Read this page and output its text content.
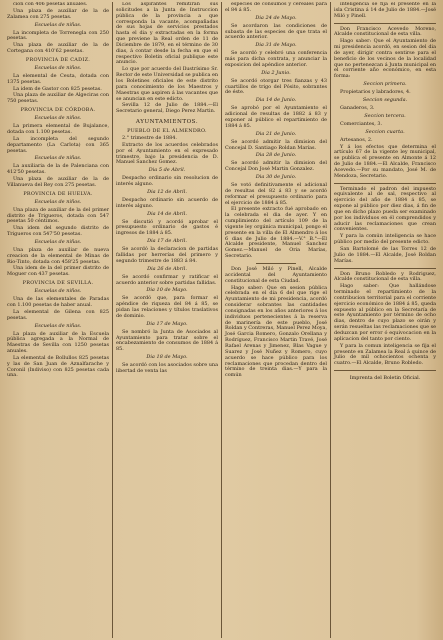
cion con 406 pesetas anuales.
Una plaza de auxiliar de la de Zalamea con 275 pesetas.
Escuelas de niñas.
La incompleta de Torrenegla con 250 pesetas.
Una plaza de auxiliar de la de Cortegana con 410'62 pesetas.
PROVINCIA DE CADIZ.
Escuelas de niños.
La elemental de Ceuta, dotada con 1375 pesetas.
La idem de Gastor con 825 pesetas.
Una plaza de auxiliar de Algeciras con 750 pesetas.
PROVINCIA DE CÓRDOBA.
Escuelas de niños.
La primera elemental de Bujalance, dotada con 1.100 pesetas.
La incompleta del segundo departamento (La Carlota) con 365 pesetas.
Escuelas de niñas.
La auxiliaria de la de Palenciana con 412'50 pesetas.
Una plaza de auxiliar de la de Villanueva del Rey con 275 pesetas.
PROVINCIA DE HUELVA.
Escuelas de niños.
Una plaza de auxiliar de la del primer distrito de Trigueros, dotada con 547 pesetas 50 céntimos.
Una idem del segundo distrito de Trigueros con 547'50 pesetas.
Escuelas de niñas.
Una plaza de auxiliar de nueva creacion de la elemental de Minas de Rio-Tinto, dotada con 458'25 pesetas.
Una idem de la del primer distrito de Moguer con 437 pesetas.
PROVINCIA DE SEVILLA.
Escuelas de niños.
Una de las elementales de Paradas con 1.100 pesetas de haber anual.
La elemental de Gilena con 825 pesetas.
Escuelas de niñas.
La plaza de auxiliar de la Escuela pública agregada a la Normal de Maestras de Sevilla con 1250 pesetas anuales.
La elemental de Bollullos 825 pesetas y las de San Juan de Aznalfarache y Coronil (Indiviso) con 825 pesetas cada una.
Los aspirantes remitirán sus solicitudes a la Junta de Instruccion pública de la provincia a que corresponda la vacante, acompañadas de sus hojas de servicios prestados hasta el dia y extractadas en la forma que previene la Real orden de 11 de Diciembre de 1879, en el término de 30 dias, á contar desde la fecha en que el respectivo Boletin oficial publique este anuncio.
Lo que por acuerdo del Ilustrísimo Sr. Rector de este Universidad se publica en los Boletines oficiales de este distrito para conocimiento de los Maestros y Maestras que aspiren á las vacantes que se anuncian en este edicto.
Sevilla 12 de Julio de 1884.—El Secretario general, Diego Perez Martin.
AYUNTAMIENTOS.
PUEBLO DE EL ALMENDRO.
2.° trimestre de 1884.
Extracto de los acuerdos celebrados por el Ayuntamiento en el expresado trimestre, bajo la presidencia de D. Manuel Sanchez Gomez.
Dia 5 de Abril.
Despacho ordinario sin resolucion de interés alguno.
Dia 12 de Abril.
Despacho ordinario sin acuerdo de interés alguno.
Dia 14 de Abril.
Se discutió y acordó aprobar el presupuesto ordinario de gastos é ingresos de 1884 á 85.
Dia 17 de Abril.
Se acordó la declaracion de partidas fallidas por herrerías del primero y segundo trimestre de 1883 á 84.
Dia 26 de Abril.
Se acordó confirmar y ratificar el acuerdo anterior sobre partidas fallidas.
Dia 10 de Mayo.
Se acordó que, para formar el apéndice de riqueza del 84 á 85, se pidan las relaciones y títulos traslativos de dominio.
Dia 17 de Mayo.
Se nombró la Junta de Asociados al Ayuntamiento para tratar sobre el encabezamiento de consumos de 1884 á 85.
Dia 18 de Mayo.
Se acordó con los asociados sobre una libertad de venta las
especies de consumos y cereales para el 84 á 85.
Dia 24 de Mayo.
Se acordaron las condiciones de subasta de las especies de que trata el acuerdo anterior.
Dia 31 de Mayo.
Se acordó y celebró una conferencia más para dicha contrata, y anunciar la exposicion del apéndice anterior.
Dia 2 Junio.
Se acordó otorgar tres fianzas y 43 cuartillos de trigo del Pósito, sobrantes de éste.
Dia 14 de Junio.
Se aprobó por el Ayuntamiento el adicional de resultas de 1882 á 83 y exponer al público el repartimiento de 1884 á 85.
Dia 21 de Junio.
Se acordó admitir la dimision del Concejal D. Santiago Roldan Marías.
Dia 28 de Junio.
Se acordó admitir la dimision del Concejal Don José Martin Gonzalez.
Dia 30 de Junio.
Se votó definitivamente el adicional de resultas del 82 á 83 y se acordó reformar el presupuesto ordinario para el ejercicio de 1884 á 85.
El presente extracto fué aprobado en la celebrada el dia de ayer. Y en cumplimiento del artículo 109 de la vigente ley orgánica municipal, pongo el presente en la villa de El Almendro á los 6 dias de Julio de 1884.—V.° B.°—El Alcalde presidente, Manuel Sanchez Gomez.—Manuel de Oria Marías, Secretario.
Don José Miló y Pinell, Alcalde accidental del Ayuntamiento constitucional de esta Ciudad.
Hago saber: Que en sesion pública celebrada en el dia 6 del que rige el Ayuntamiento de mi presidencia, acordó considerar sobrantes las cantidades consignadas en los años anteriores á los individuos pertenecientes á la reserva de marinería de este pueblo, José Roldan y Contreras, Manuel Perez Moya, José Garcia Romero, Gonzalo Orellana y Rodríguez, Francisco Martin Travé, José Rafael Arenas y Jimenez, Blas Vague y Suarez y José Nuñez y Romero, cuyo acuerdo se hace público para los reclamaciones que procedan dentro del término de treinta dias.—Y para la común
inteligencia se fija el presente en la isla Cristina á 14 de Julio de 1884.—José Miló y Pinell.
Don Francisco Acevedo Moreno, Alcalde constitucional de esta villa.
Hago saber: Que el Ayuntamiento de mi presidencia acordó, en sesion del dia de ayer, dirigir contra sentirse para el beneficio de los vecinos de la localidad que no pertenezcan á Junta municipal en el corriente año económico, en esta forma:
Seccion primera.
Propietarios y labradores, 4.
Seccion segunda.
Ganaderos, 3.
Seccion tercera.
Comerciantes, 3.
Seccion cuarta.
Artesanos, 2.
Y á los efectos que determina el artículo 67 de la vigente ley municipal, se publica el presente en Almonte á 12 de Julio de 1884.—El Alcalde, Francisco Acevedo.—Por su mandato, José M. de Mendoza, Secretario.
Terminado el padron del impuesto equivalente al de sal, respectivo al ejercicio del año de 1884 á 85, se expone al público por diez dias, á fin de que en dicho plazo pueda ser examinado por los individuos en él comprendidos y aducir las reclamaciones que crean convenientes.
Y para la común inteligencia se hace público por medio del presente edicto.
San Bartolomé de las Torres 12 de Julio de 1884.—El Alcalde, José Roldan Marías.
Don Bruno Robledo y Rodriguez, Alcalde constitucional de esta villa.
Hago saber: Que hallándose terminado el repartimiento de la contribucion territorial para el corriente ejercicio económico de 1884 á 85, queda expuesto al público en la Secretaría de este Ayuntamiento por término de ocho dias, dentro de cuyo plazo se oirán y serán resueltas las reclamaciones que se deduzcan por error ó equivocacion en la aplicacion del tanto por ciento.
Y para la comun inteligencia se fija el presente en Zalamea la Real á quince de Julio de mil ochocientos ochenta y cuatro.—El Alcalde, Bruno Robledo.
Imprenta del Boletin Oficial.
